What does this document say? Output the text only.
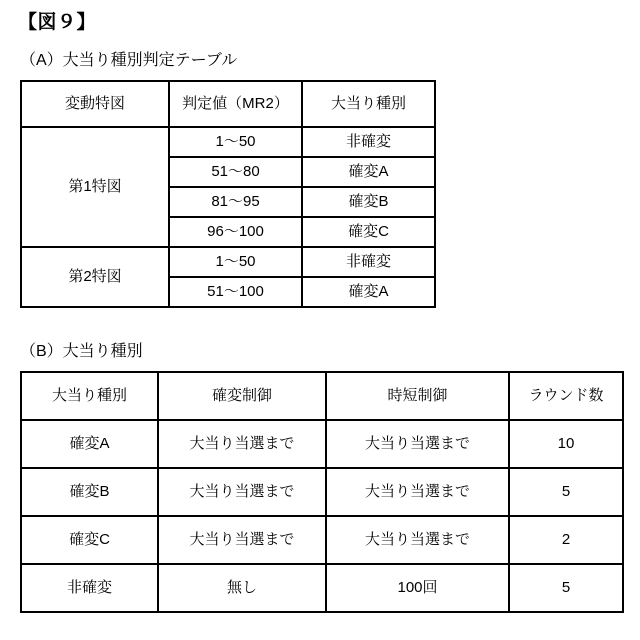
【図９】
（A）大当り種別判定テーブル
変動特図	判定値（MR2）	大当り種別
第1特図	1〜50	非確変
	51〜80	確変A
	81〜95	確変B
	96〜100	確変C
第2特図	1〜50	非確変
	51〜100	確変A
（B）大当り種別
大当り種別	確変制御	時短制御	ラウンド数
確変A	大当り当選まで	大当り当選まで	10
確変B	大当り当選まで	大当り当選まで	5
確変C	大当り当選まで	大当り当選まで	2
非確変	無し	100回	5
